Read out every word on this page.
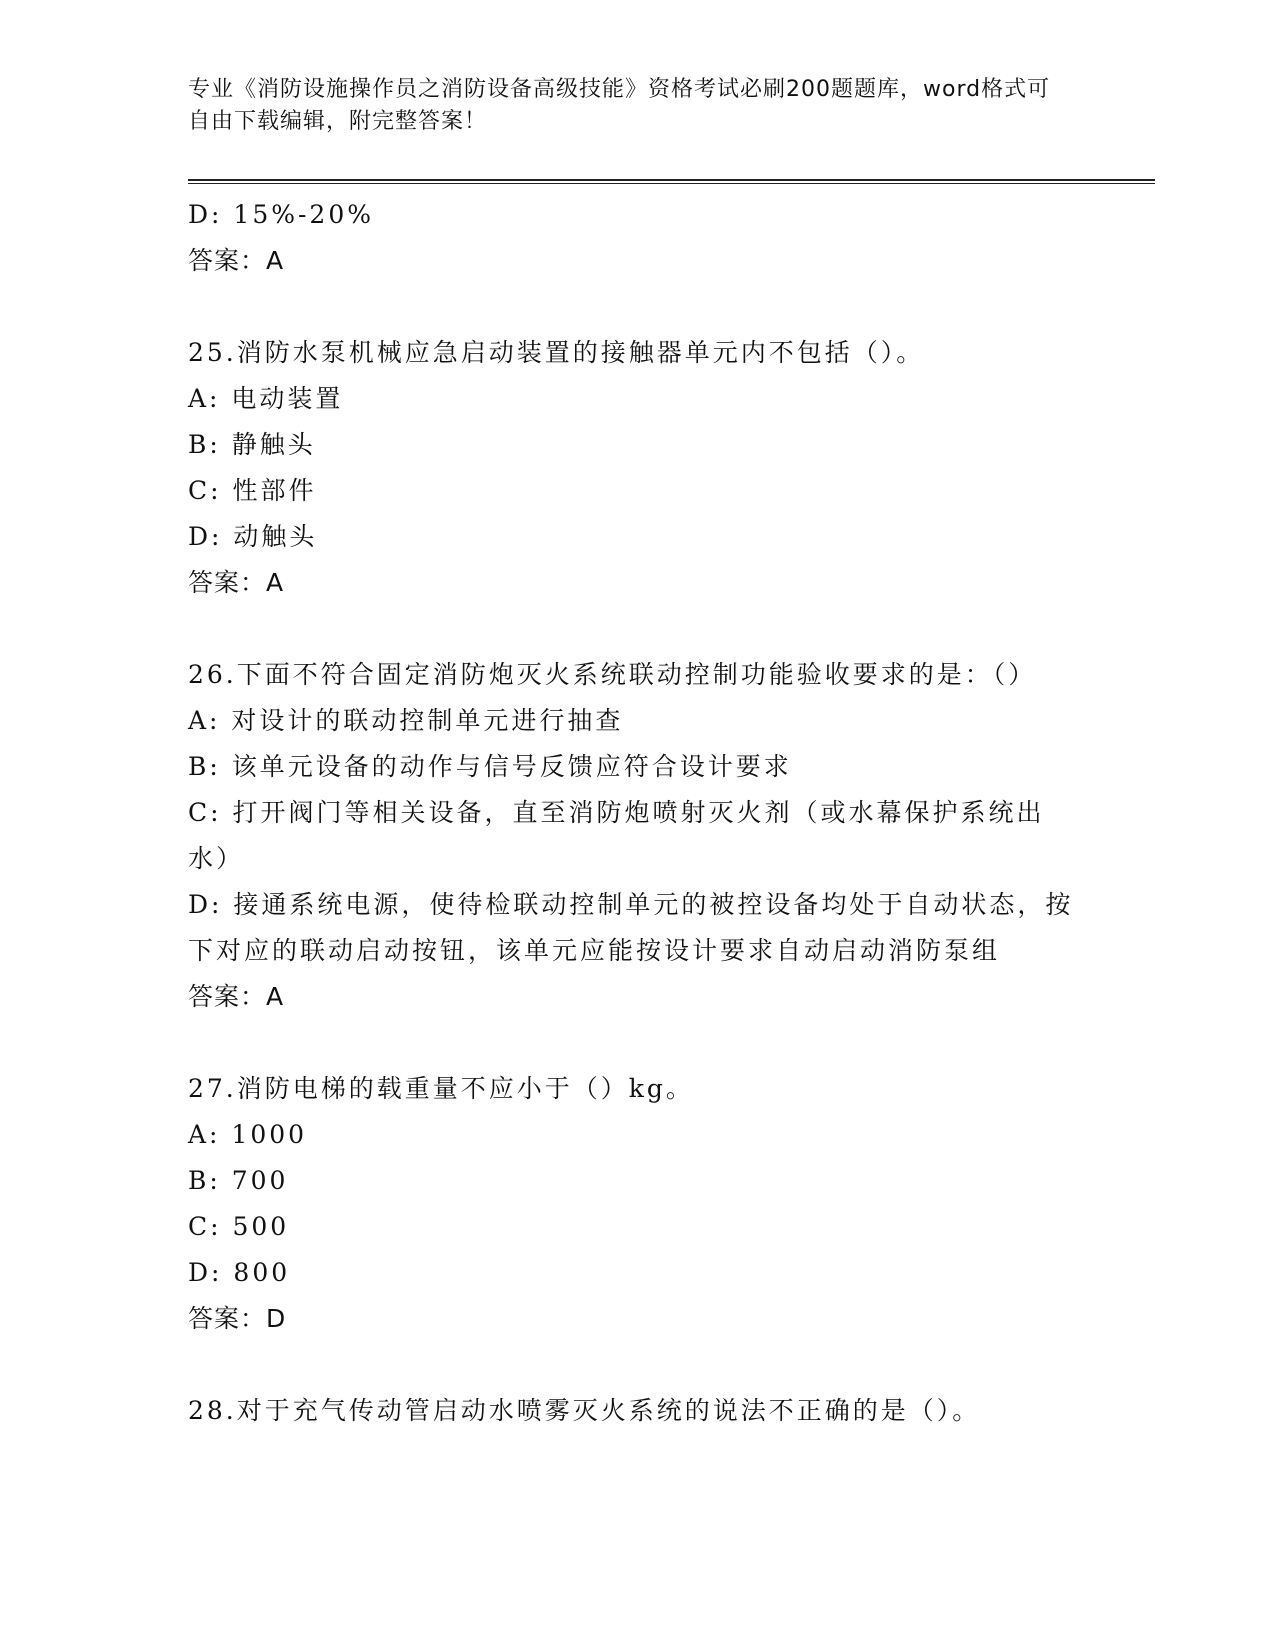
专业《消防设施操作员之消防设备高级技能》资格考试必刷200题题库，word格式可自由下载编辑，附完整答案！
D: 15%-20%
答案：A
25.消防水泵机械应急启动装置的接触器单元内不包括（）。
A: 电动装置
B: 静触头
C: 性部件
D: 动触头
答案：A
26.下面不符合固定消防炮灭火系统联动控制功能验收要求的是：（）
A: 对设计的联动控制单元进行抽查
B: 该单元设备的动作与信号反馈应符合设计要求
C: 打开阀门等相关设备，直至消防炮喷射灭火剂（或水幕保护系统出水）
D: 接通系统电源，使待检联动控制单元的被控设备均处于自动状态，按下对应的联动启动按钮，该单元应能按设计要求自动启动消防泵组
答案：A
27.消防电梯的载重量不应小于（）kg。
A: 1000
B: 700
C: 500
D: 800
答案：D
28.对于充气传动管启动水喷雾灭火系统的说法不正确的是（）。
